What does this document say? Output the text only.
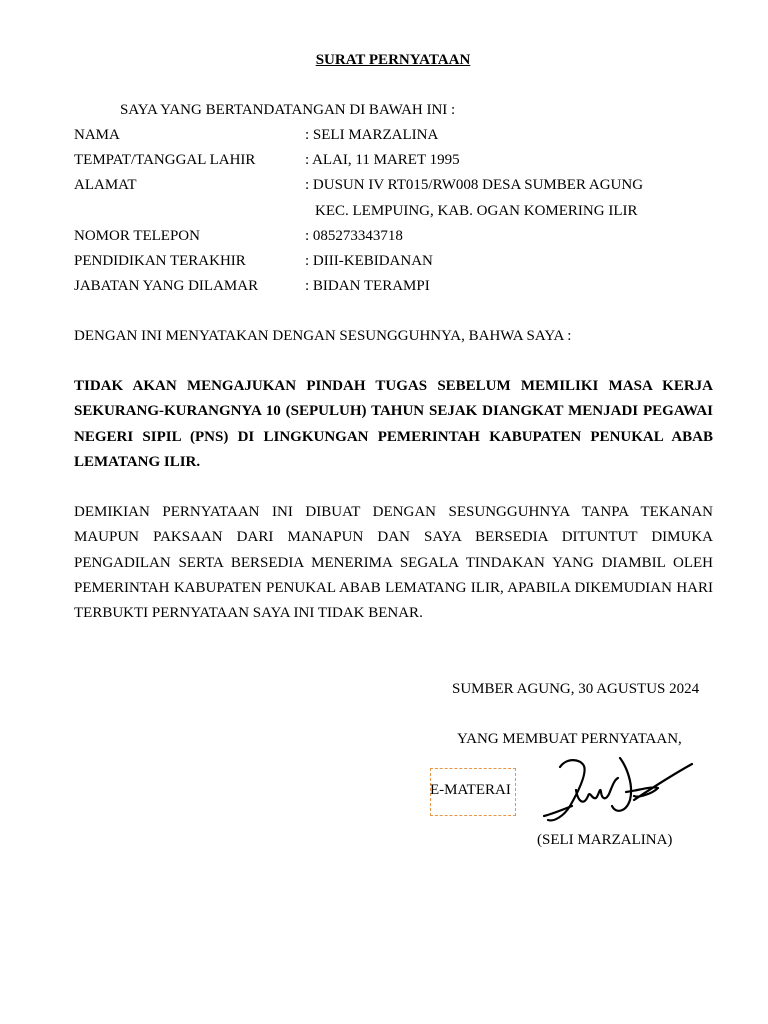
SURAT PERNYATAAN
SAYA YANG BERTANDATANGAN DI BAWAH INI :
NAMA	: SELI MARZALINA
TEMPAT/TANGGAL LAHIR	: ALAI, 11 MARET 1995
ALAMAT	: DUSUN IV RT015/RW008 DESA SUMBER AGUNG
KEC. LEMPUING, KAB. OGAN KOMERING ILIR
NOMOR TELEPON	: 085273343718
PENDIDIKAN TERAKHIR	: DIII-KEBIDANAN
JABATAN YANG DILAMAR	: BIDAN TERAMPI
DENGAN INI MENYATAKAN DENGAN SESUNGGUHNYA, BAHWA SAYA :
TIDAK AKAN MENGAJUKAN PINDAH TUGAS SEBELUM MEMILIKI MASA KERJA SEKURANG-KURANGNYA 10 (SEPULUH) TAHUN SEJAK DIANGKAT MENJADI PEGAWAI NEGERI SIPIL (PNS) DI LINGKUNGAN PEMERINTAH KABUPATEN PENUKAL ABAB LEMATANG ILIR.
DEMIKIAN PERNYATAAN INI DIBUAT DENGAN SESUNGGUHNYA TANPA TEKANAN MAUPUN PAKSAAN DARI MANAPUN DAN SAYA BERSEDIA DITUNTUT DIMUKA PENGADILAN SERTA BERSEDIA MENERIMA SEGALA TINDAKAN YANG DIAMBIL OLEH PEMERINTAH KABUPATEN PENUKAL ABAB LEMATANG ILIR, APABILA DIKEMUDIAN HARI TERBUKTI PERNYATAAN SAYA INI TIDAK BENAR.
SUMBER AGUNG, 30 AGUSTUS 2024
YANG MEMBUAT PERNYATAAN,
E-MATERAI
(SELI MARZALINA)
